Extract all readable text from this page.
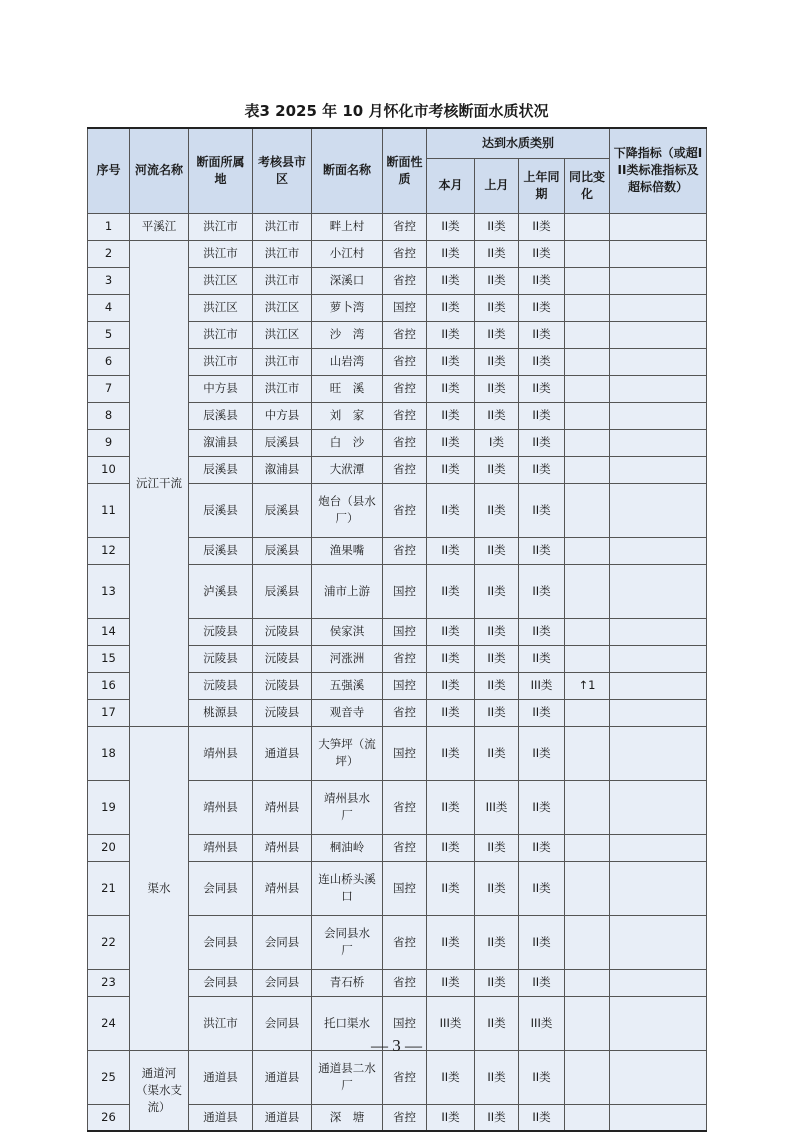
表3 2025 年 10 月怀化市考核断面水质状况
序号	河流名称	断面所属地	考核县市区	断面名称	断面性质	达到水质类别				下降指标（或超III类标准指标及超标倍数）
						本月	上月	上年同期	同比变化	
1	平溪江	洪江市	洪江市	畔上村	省控	II类	II类	II类		
2	沅江干流	洪江市	洪江市	小江村	省控	II类	II类	II类		
3		洪江区	洪江市	深溪口	省控	II类	II类	II类		
4		洪江区	洪江区	萝卜湾	国控	II类	II类	II类		
5		洪江市	洪江区	沙　湾	省控	II类	II类	II类		
6		洪江市	洪江市	山岩湾	省控	II类	II类	II类		
7		中方县	洪江市	旺　溪	省控	II类	II类	II类		
8		辰溪县	中方县	刘　家	省控	II类	II类	II类		
9		溆浦县	辰溪县	白　沙	省控	II类	I类	II类		
10		辰溪县	溆浦县	大洑潭	省控	II类	II类	II类		
11		辰溪县	辰溪县	炮台（县水厂）	省控	II类	II类	II类		
12		辰溪县	辰溪县	渔果嘴	省控	II类	II类	II类		
13		泸溪县	辰溪县	浦市上游	国控	II类	II类	II类		
14		沅陵县	沅陵县	侯家淇	国控	II类	II类	II类		
15		沅陵县	沅陵县	河涨洲	省控	II类	II类	II类		
16		沅陵县	沅陵县	五强溪	国控	II类	II类	III类	↑1	
17		桃源县	沅陵县	观音寺	省控	II类	II类	II类		
18	渠水	靖州县	通道县	大笋坪（流坪）	国控	II类	II类	II类		
19		靖州县	靖州县	靖州县水　厂	省控	II类	III类	II类		
20		靖州县	靖州县	桐油岭	省控	II类	II类	II类		
21		会同县	靖州县	连山桥头溪口	国控	II类	II类	II类		
22		会同县	会同县	会同县水　厂	省控	II类	II类	II类		
23		会同县	会同县	青石桥	省控	II类	II类	II类		
24		洪江市	会同县	托口渠水	国控	III类	II类	III类		
25	通道河（渠水支流）	通道县	通道县	通道县二水厂	省控	II类	II类	II类		
26		通道县	通道县	深　塘	省控	II类	II类	II类		
— 3 —
